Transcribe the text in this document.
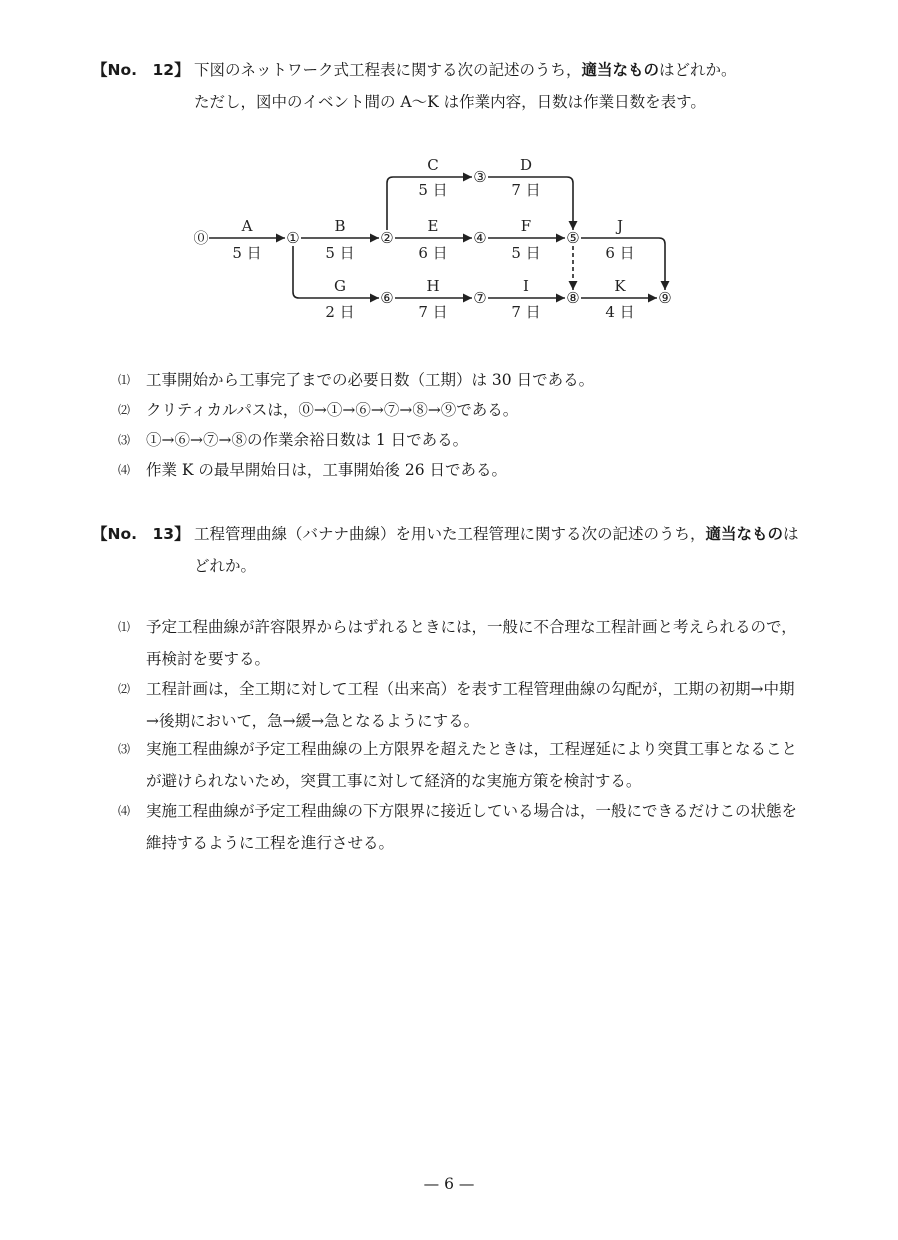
【No.　12】 下図のネットワーク式工程表に関する次の記述のうち，適当なものはどれか。

ただし，図中のイベント間の A～K は作業内容，日数は作業日数を表す。

⓪	①	②
③
④	⑤
⑥	⑦	⑧	⑨
A
5 日
B
5 日
C
5 日
D
7 日
E
6 日
F
5 日
J
6 日
G
2 日
H
7 日
I
7 日
K
4 日
⑴ 工事開始から工事完了までの必要日数（工期）は 30 日である。
⑵ クリティカルパスは，⓪→①→⑥→⑦→⑧→⑨である。
⑶ ①→⑥→⑦→⑧の作業余裕日数は 1 日である。
⑷ 作業 K の最早開始日は，工事開始後 26 日である。
【No.　13】 工程管理曲線（バナナ曲線）を用いた工程管理に関する次の記述のうち，適当なものは

どれか。

⑴ 予定工程曲線が許容限界からはずれるときには，一般に不合理な工程計画と考えられるので，

再検討を要する。

⑵ 工程計画は，全工期に対して工程（出来高）を表す工程管理曲線の勾配が，工期の初期→中期

→後期において，急→緩→急となるようにする。

⑶ 実施工程曲線が予定工程曲線の上方限界を超えたときは，工程遅延により突貫工事となること

が避けられないため，突貫工事に対して経済的な実施方策を検討する。

⑷ 実施工程曲線が予定工程曲線の下方限界に接近している場合は，一般にできるだけこの状態を

維持するように工程を進行させる。

— 6 —
